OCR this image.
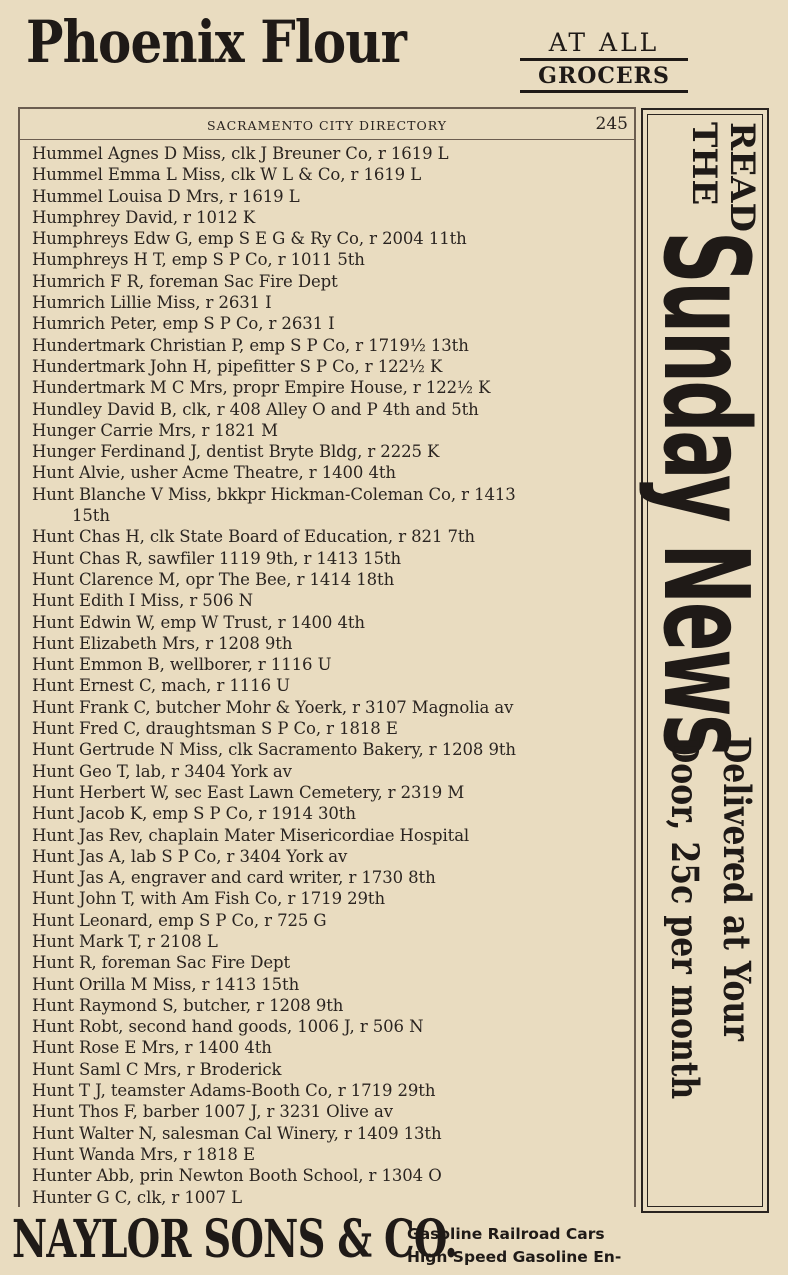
Phoenix Flour	AT ALL
GROCERS
SACRAMENTO CITY DIRECTORY	245
Hummel Agnes D Miss, clk J Breuner Co, r 1619 L
Hummel Emma L Miss, clk W L & Co, r 1619 L
Hummel Louisa D Mrs, r 1619 L
Humphrey David, r 1012 K
Humphreys Edw G, emp S E G & Ry Co, r 2004 11th
Humphreys H T, emp S P Co, r 1011 5th
Humrich F R, foreman Sac Fire Dept
Humrich Lillie Miss, r 2631 I
Humrich Peter, emp S P Co, r 2631 I
Hundertmark Christian P, emp S P Co, r 1719½ 13th
Hundertmark John H, pipefitter S P Co, r 122½ K
Hundertmark M C Mrs, propr Empire House, r 122½ K
Hundley David B, clk, r 408 Alley O and P 4th and 5th
Hunger Carrie Mrs, r 1821 M
Hunger Ferdinand J, dentist Bryte Bldg, r 2225 K
Hunt Alvie, usher Acme Theatre, r 1400 4th
Hunt Blanche V Miss, bkkpr Hickman-Coleman Co, r 1413
15th
Hunt Chas H, clk State Board of Education, r 821 7th
Hunt Chas R, sawfiler 1119 9th, r 1413 15th
Hunt Clarence M, opr The Bee, r 1414 18th
Hunt Edith I Miss, r 506 N
Hunt Edwin W, emp W Trust, r 1400 4th
Hunt Elizabeth Mrs, r 1208 9th
Hunt Emmon B, wellborer, r 1116 U
Hunt Ernest C, mach, r 1116 U
Hunt Frank C, butcher Mohr & Yoerk, r 3107 Magnolia av
Hunt Fred C, draughtsman S P Co, r 1818 E
Hunt Gertrude N Miss, clk Sacramento Bakery, r 1208 9th
Hunt Geo T, lab, r 3404 York av
Hunt Herbert W, sec East Lawn Cemetery, r 2319 M
Hunt Jacob K, emp S P Co, r 1914 30th
Hunt Jas Rev, chaplain Mater Misericordiae Hospital
Hunt Jas A, lab S P Co, r 3404 York av
Hunt Jas A, engraver and card writer, r 1730 8th
Hunt John T, with Am Fish Co, r 1719 29th
Hunt Leonard, emp S P Co, r 725 G
Hunt Mark T, r 2108 L
Hunt R, foreman Sac Fire Dept
Hunt Orilla M Miss, r 1413 15th
Hunt Raymond S, butcher, r 1208 9th
Hunt Robt, second hand goods, 1006 J, r 506 N
Hunt Rose E Mrs, r 1400 4th
Hunt Saml C Mrs, r Broderick
Hunt T J, teamster Adams-Booth Co, r 1719 29th
Hunt Thos F, barber 1007 J, r 3231 Olive av
Hunt Walter N, salesman Cal Winery, r 1409 13th
Hunt Wanda Mrs, r 1818 E
Hunter Abb, prin Newton Booth School, r 1304 O
Hunter G C, clk, r 1007 L
READ
THE
Sunday News
Delivered at Your
Door, 25c per month
NAYLOR SONS & CO.
Gasoline Railroad Cars
High Speed Gasoline En-
